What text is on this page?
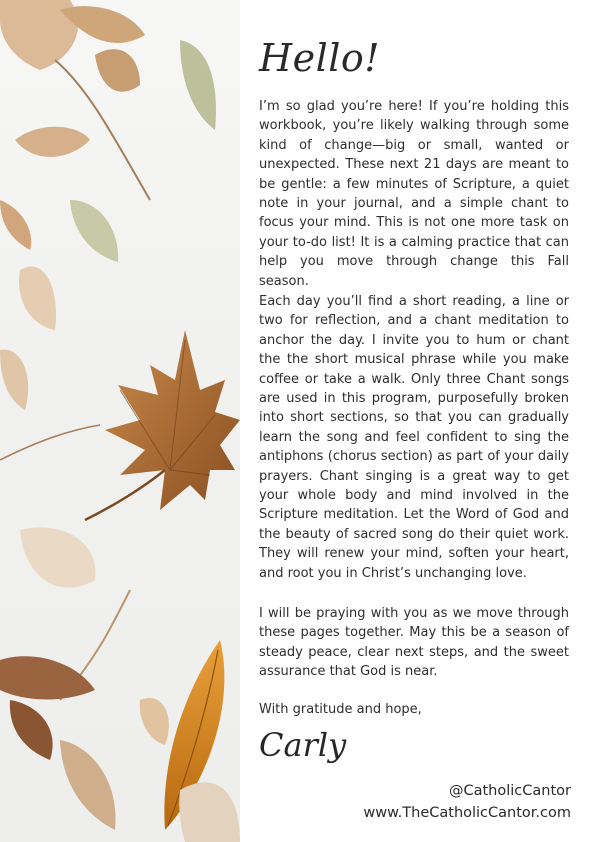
Hello!

I’m so glad you’re here! If you’re holding this workbook, you’re likely walking through some kind of change—big or small, wanted or unexpected. These next 21 days are meant to be gentle: a few minutes of Scripture, a quiet note in your journal, and a simple chant to focus your mind. This is not one more task on your to-do list! It is a calming practice that can help you move through change this Fall season.

Each day you’ll find a short reading, a line or two for reflection, and a chant meditation to anchor the day. I invite you to hum or chant the the short musical phrase while you make coffee or take a walk. Only three Chant songs are used in this program, purposefully broken into short sections, so that you can gradually learn the song and feel confident to sing the antiphons (chorus section) as part of your daily prayers. Chant singing is a great way to get your whole body and mind involved in the Scripture meditation. Let the Word of God and the beauty of sacred song do their quiet work. They will renew your mind, soften your heart, and root you in Christ’s unchanging love.

I will be praying with you as we move through these pages together. May this be a season of steady peace, clear next steps, and the sweet assurance that God is near.

With gratitude and hope,
Carly
@CatholicCantor
www.TheCatholicCantor.com
